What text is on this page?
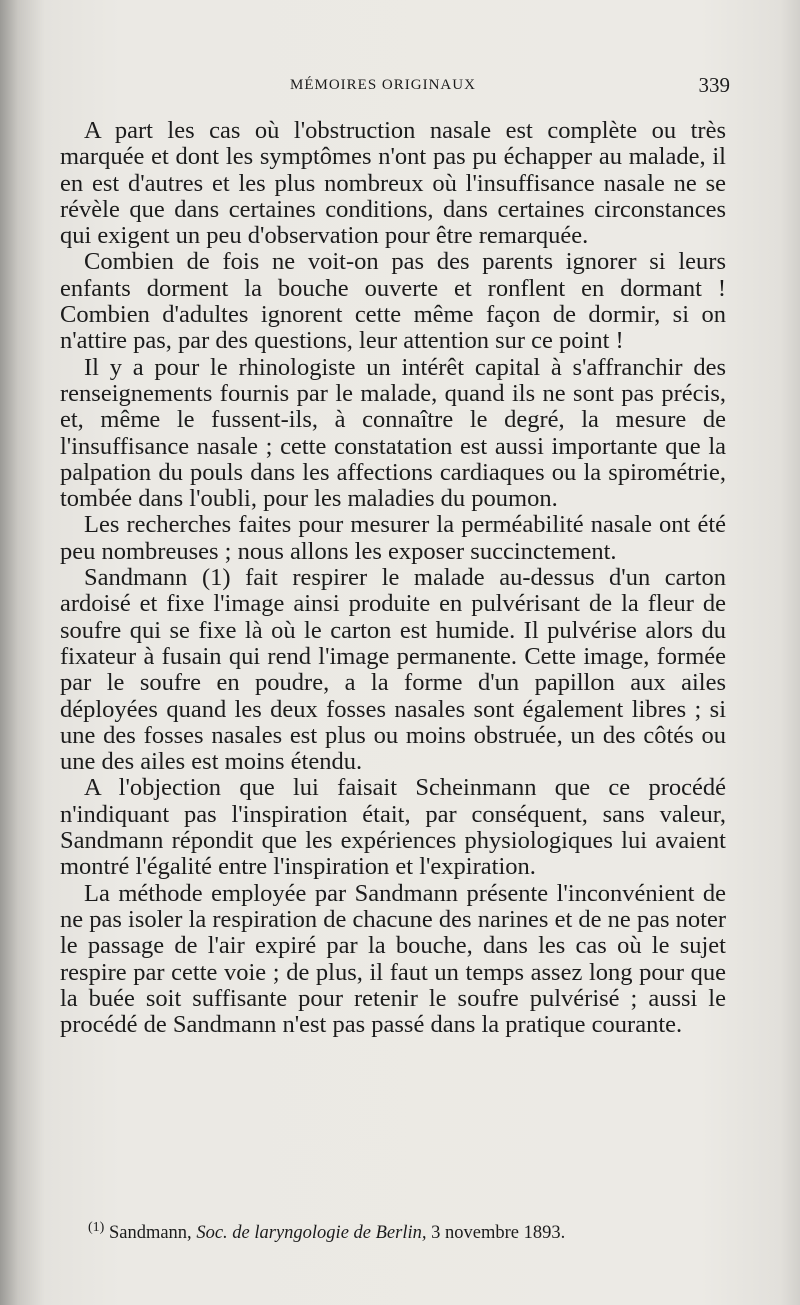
MÉMOIRES ORIGINAUX	339

A part les cas où l'obstruction nasale est complète ou très marquée et dont les symptômes n'ont pas pu échapper au malade, il en est d'autres et les plus nombreux où l'insuffisance nasale ne se révèle que dans certaines conditions, dans certaines circonstances qui exigent un peu d'observation pour être remarquée.

Combien de fois ne voit-on pas des parents ignorer si leurs enfants dorment la bouche ouverte et ronflent en dormant ! Combien d'adultes ignorent cette même façon de dormir, si on n'attire pas, par des questions, leur attention sur ce point !

Il y a pour le rhinologiste un intérêt capital à s'affranchir des renseignements fournis par le malade, quand ils ne sont pas précis, et, même le fussent-ils, à connaître le degré, la mesure de l'insuffisance nasale ; cette constatation est aussi importante que la palpation du pouls dans les affections cardiaques ou la spirométrie, tombée dans l'oubli, pour les maladies du poumon.

Les recherches faites pour mesurer la perméabilité nasale ont été peu nombreuses ; nous allons les exposer succinctement.

Sandmann (1) fait respirer le malade au-dessus d'un carton ardoisé et fixe l'image ainsi produite en pulvérisant de la fleur de soufre qui se fixe là où le carton est humide. Il pulvérise alors du fixateur à fusain qui rend l'image permanente. Cette image, formée par le soufre en poudre, a la forme d'un papillon aux ailes déployées quand les deux fosses nasales sont également libres ; si une des fosses nasales est plus ou moins obstruée, un des côtés ou une des ailes est moins étendu.

A l'objection que lui faisait Scheinmann que ce procédé n'indiquant pas l'inspiration était, par conséquent, sans valeur, Sandmann répondit que les expériences physiologiques lui avaient montré l'égalité entre l'inspiration et l'expiration.

La méthode employée par Sandmann présente l'inconvénient de ne pas isoler la respiration de chacune des narines et de ne pas noter le passage de l'air expiré par la bouche, dans les cas où le sujet respire par cette voie ; de plus, il faut un temps assez long pour que la buée soit suffisante pour retenir le soufre pulvérisé ; aussi le procédé de Sandmann n'est pas passé dans la pratique courante.

$^{(1)}$ Sandmann, Soc. de laryngologie de Berlin, 3 novembre 1893.
